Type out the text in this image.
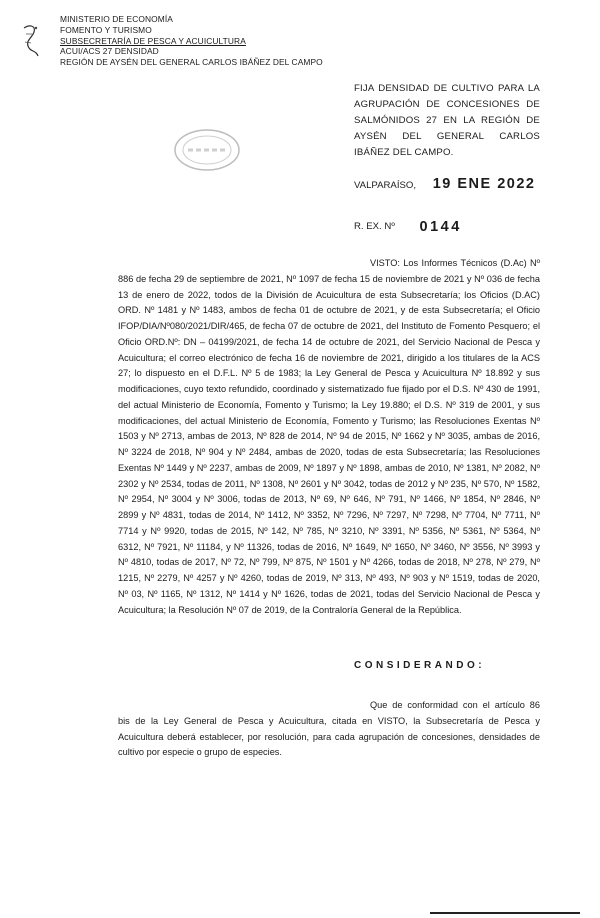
MINISTERIO DE ECONOMÍA
FOMENTO Y TURISMO
SUBSECRETARÍA DE PESCA Y ACUICULTURA
ACUI/ACS 27 DENSIDAD
REGIÓN DE AYSÉN DEL GENERAL CARLOS IBÁÑEZ DEL CAMPO
FIJA DENSIDAD DE CULTIVO PARA LA AGRUPACIÓN DE CONCESIONES DE SALMÓNIDOS 27 EN LA REGIÓN DE AYSÉN DEL GENERAL CARLOS IBÁÑEZ DEL CAMPO.
VALPARAÍSO, 19 ENE 2022
R. EX. Nº 0144
VISTO: Los Informes Técnicos (D.Ac) Nº 886 de fecha 29 de septiembre de 2021, Nº 1097 de fecha 15 de noviembre de 2021 y Nº 036 de fecha 13 de enero de 2022, todos de la División de Acuicultura de esta Subsecretaría; los Oficios (D.AC) ORD. Nº 1481 y Nº 1483, ambos de fecha 01 de octubre de 2021, y de esta Subsecretaría; el Oficio IFOP/DIA/Nº080/2021/DIR/465, de fecha 07 de octubre de 2021, del Instituto de Fomento Pesquero; el Oficio ORD.Nº: DN – 04199/2021, de fecha 14 de octubre de 2021, del Servicio Nacional de Pesca y Acuicultura; el correo electrónico de fecha 16 de noviembre de 2021, dirigido a los titulares de la ACS 27; lo dispuesto en el D.F.L. Nº 5 de 1983; la Ley General de Pesca y Acuicultura Nº 18.892 y sus modificaciones, cuyo texto refundido, coordinado y sistematizado fue fijado por el D.S. Nº 430 de 1991, del actual Ministerio de Economía, Fomento y Turismo; la Ley 19.880; el D.S. Nº 319 de 2001, y sus modificaciones, del actual Ministerio de Economía, Fomento y Turismo; las Resoluciones Exentas Nº 1503 y Nº 2713, ambas de 2013, Nº 828 de 2014, Nº 94 de 2015, Nº 1662 y Nº 3035, ambas de 2016, Nº 3224 de 2018, Nº 904 y Nº 2484, ambas de 2020, todas de esta Subsecretaría; las Resoluciones Exentas Nº 1449 y Nº 2237, ambas de 2009, Nº 1897 y Nº 1898, ambas de 2010, Nº 1381, Nº 2082, Nº 2302 y Nº 2534, todas de 2011, Nº 1308, Nº 2601 y Nº 3042, todas de 2012 y Nº 235, Nº 570, Nº 1582, Nº 2954, Nº 3004 y Nº 3006, todas de 2013, Nº 69, Nº 646, Nº 791, Nº 1466, Nº 1854, Nº 2846, Nº 2899 y Nº 4831, todas de 2014, Nº 1412, Nº 3352, Nº 7296, Nº 7297, Nº 7298, Nº 7704, Nº 7711, Nº 7714 y Nº 9920, todas de 2015, Nº 142, Nº 785, Nº 3210, Nº 3391, Nº 5356, Nº 5361, Nº 5364, Nº 6312, Nº 7921, Nº 11184, y Nº 11326, todas de 2016, Nº 1649, Nº 1650, Nº 3460, Nº 3556, Nº 3993 y Nº 4810, todas de 2017, Nº 72, Nº 799, Nº 875, Nº 1501 y Nº 4266, todas de 2018, Nº 278, Nº 279, Nº 1215, Nº 2279, Nº 4257 y Nº 4260, todas de 2019, Nº 313, Nº 493, Nº 903 y Nº 1519, todas de 2020, Nº 03, Nº 1165, Nº 1312, Nº 1414 y Nº 1626, todas de 2021, todas del Servicio Nacional de Pesca y Acuicultura; la Resolución Nº 07 de 2019, de la Contraloría General de la República.
CONSIDERANDO:
Que de conformidad con el artículo 86 bis de la Ley General de Pesca y Acuicultura, citada en VISTO, la Subsecretaría de Pesca y Acuicultura deberá establecer, por resolución, para cada agrupación de concesiones, densidades de cultivo por especie o grupo de especies.
